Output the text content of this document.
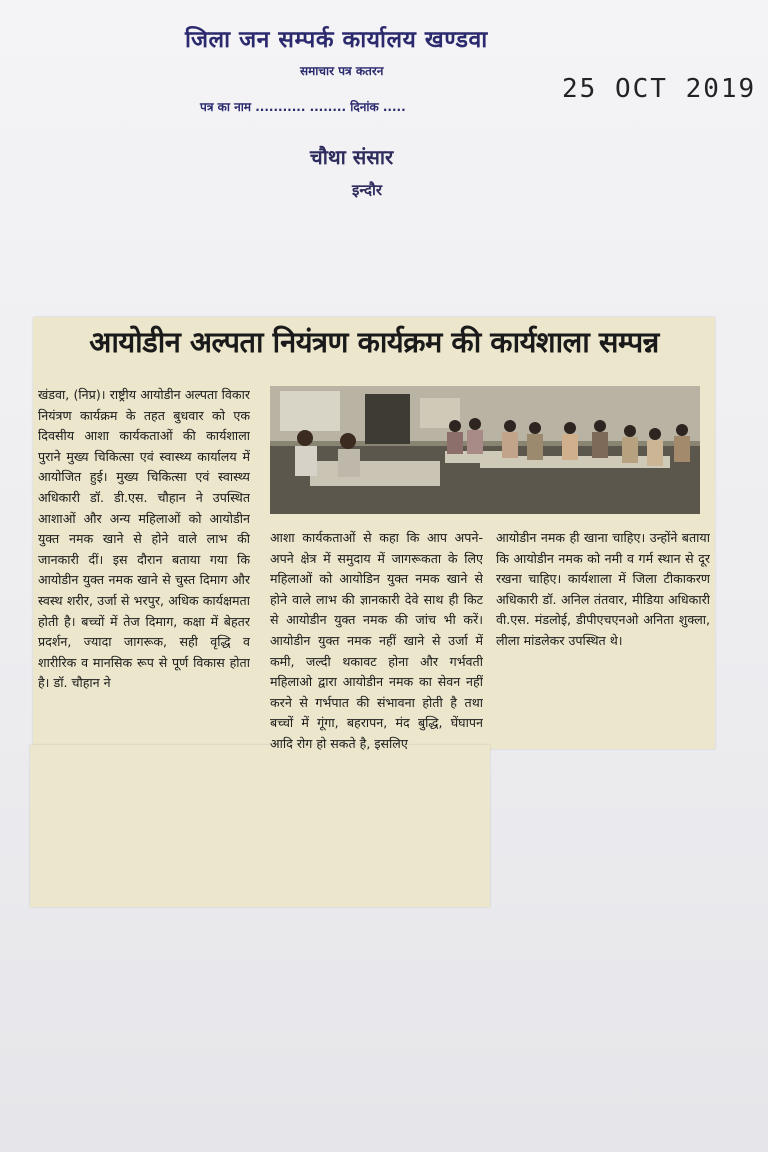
जिला जन सम्पर्क कार्यालय खण्डवा
समाचार पत्र कतरन
पत्र का नाम ........... ........ दिनांक .....
25 OCT 2019
चौथा संसार
इन्दौर
आयोडीन अल्पता नियंत्रण कार्यक्रम की कार्यशाला सम्पन्न
खंडवा, (निप्र)। राष्ट्रीय आयोडीन अल्पता विकार नियंत्रण कार्यक्रम के तहत बुधवार को एक दिवसीय आशा कार्यकताओं की कार्यशाला पुराने मुख्य चिकित्सा एवं स्वास्थ्य कार्यालय में आयोजित हुई। मुख्य चिकित्सा एवं स्वास्थ्य अधिकारी डॉ. डी.एस. चौहान ने उपस्थित आशाओं और अन्य महिलाओं को आयोडीन युक्त नमक खाने से होने वाले लाभ की जानकारी दीं। इस दौरान बताया गया कि आयोडीन युक्त नमक खाने से चुस्त दिमाग और स्वस्थ शरीर, उर्जा से भरपुर, अधिक कार्यक्षमता होती है। बच्चों में तेज दिमाग, कक्षा में बेहतर प्रदर्शन, ज्यादा जागरूक, सही वृद्धि व शारीरिक व मानसिक रूप से पूर्ण विकास होता है। डॉ. चौहान ने
आशा कार्यकताओं से कहा कि आप अपने-अपने क्षेत्र में समुदाय में जागरूकता के लिए महिलाओं को आयोडिन युक्त नमक खाने से होने वाले लाभ की ज्ञानकारी देवे साथ ही किट से आयोडीन युक्त नमक की जांच भी करें। आयोडीन युक्त नमक नहीं खाने से उर्जा में कमी, जल्दी थकावट होना और गर्भवती महिलाओ द्वारा आयोडीन नमक का सेवन नहीं करने से गर्भपात की संभावना होती है तथा बच्चों में गूंगा, बहरापन, मंद बुद्धि, घेंघापन आदि रोग हो सकते है, इसलिए
आयोडीन नमक ही खाना चाहिए। उन्होंने बताया कि आयोडीन नमक को नमी व गर्म स्थान से दूर रखना चाहिए। कार्यशाला में जिला टीकाकरण अधिकारी डॉ. अनिल तंतवार, मीडिया अधिकारी वी.एस. मंडलोई, डीपीएचएनओ अनिता शुक्ला, लीला मांडलेकर उपस्थित थे।
